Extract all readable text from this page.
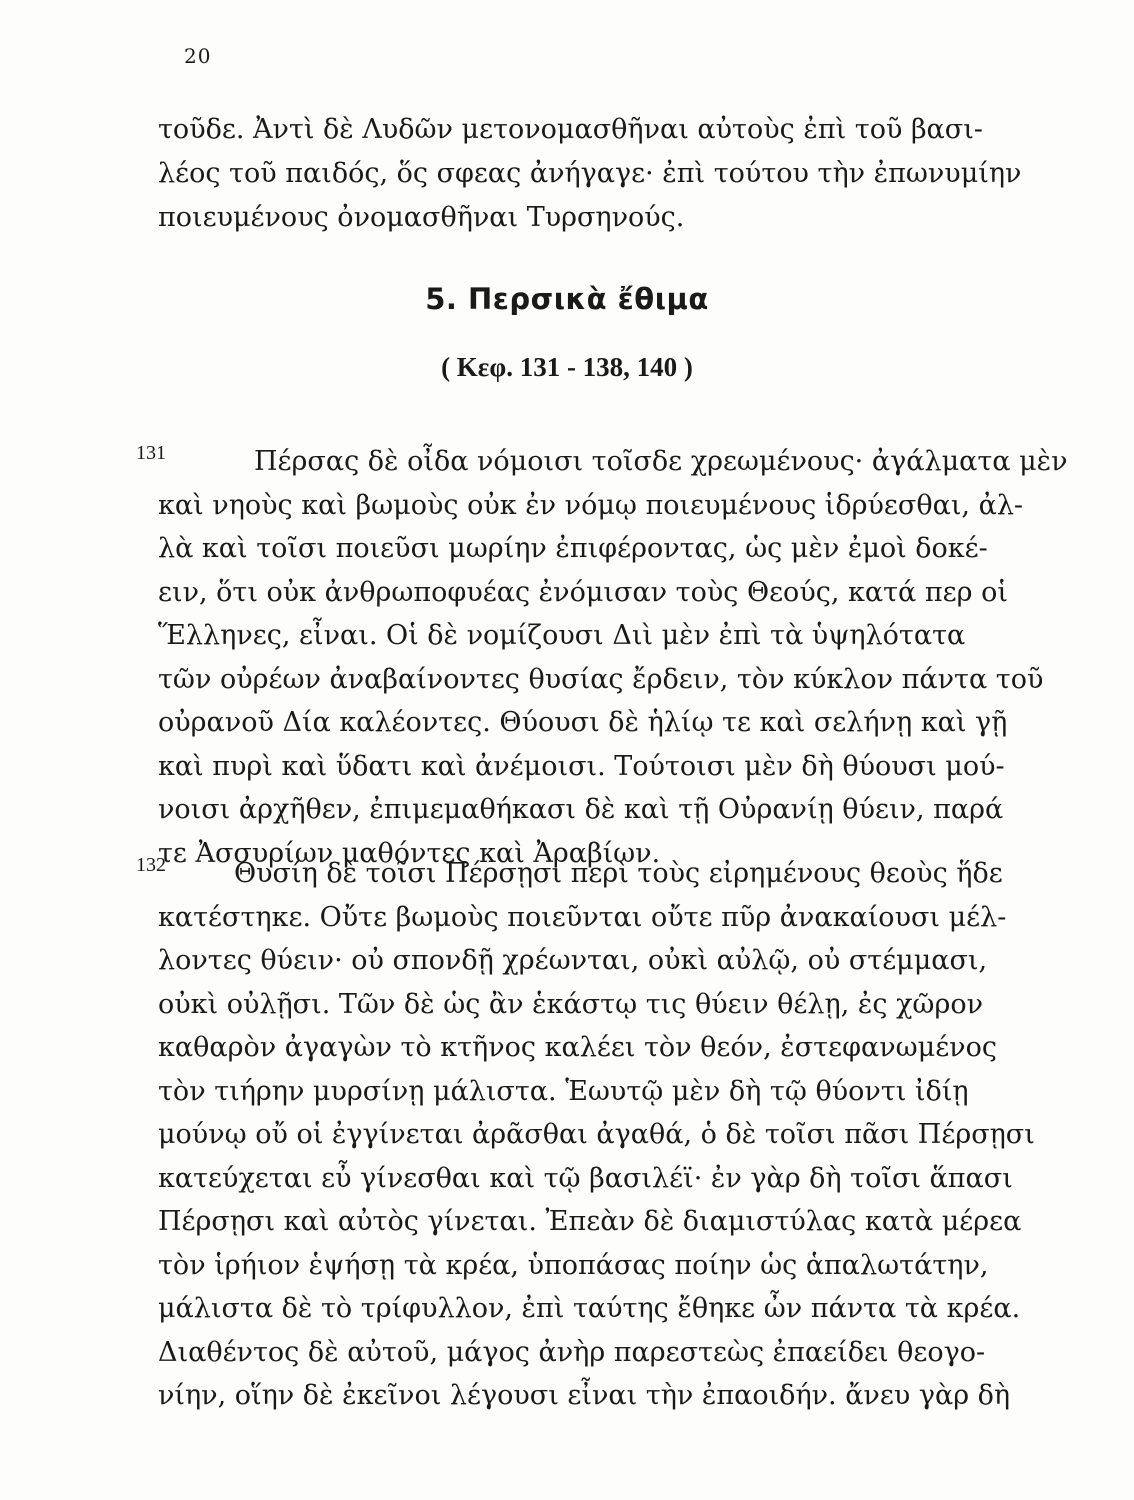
20
τοῦδε. Ἀντὶ δὲ Λυδῶν μετονομασθῆναι αὐτοὺς ἐπὶ τοῦ βασι-
λέος τοῦ παιδός, ὅς σφεας ἀνήγαγε· ἐπὶ τούτου τὴν ἐπωνυμίην
ποιευμένους ὀνομασθῆναι Τυρσηνούς.
5. Περσικὰ ἔθιμα
( Κεφ. 131 - 138, 140 )
131	Πέρσας δὲ οἶδα νόμοισι τοῖσδε χρεωμένους· ἀγάλματα μὲν
καὶ νηοὺς καὶ βωμοὺς οὐκ ἐν νόμῳ ποιευμένους ἱδρύεσθαι, ἀλ-
λὰ καὶ τοῖσι ποιεῦσι μωρίην ἐπιφέροντας, ὡς μὲν ἐμοὶ δοκέ-
ειν, ὅτι οὐκ ἀνθρωποφυέας ἐνόμισαν τοὺς Θεούς, κατά περ οἱ
Ἕλληνες, εἶναι. Οἱ δὲ νομίζουσι Διὶ μὲν ἐπὶ τὰ ὑψηλότατα
τῶν οὐρέων ἀναβαίνοντες θυσίας ἔρδειν, τὸν κύκλον πάντα τοῦ
οὐρανοῦ Δία καλέοντες. Θύουσι δὲ ἡλίῳ τε καὶ σελήνῃ καὶ γῇ
καὶ πυρὶ καὶ ὕδατι καὶ ἀνέμοισι. Τούτοισι μὲν δὴ θύουσι μού-
νοισι ἀρχῆθεν, ἐπιμεμαθήκασι δὲ καὶ τῇ Οὐρανίῃ θύειν, παρά
τε Ἀσσυρίων μαθόντες καὶ Ἀραβίων.
132	Θυσίη δὲ τοῖσι Πέρσῃσι περὶ τοὺς εἰρημένους θεοὺς ἥδε
κατέστηκε. Οὔτε βωμοὺς ποιεῦνται οὔτε πῦρ ἀνακαίουσι μέλ-
λοντες θύειν· οὐ σπονδῇ χρέωνται, οὐκὶ αὐλῷ, οὐ στέμμασι,
οὐκὶ οὐλῇσι. Τῶν δὲ ὡς ἂν ἑκάστῳ τις θύειν θέλῃ, ἐς χῶρον
καθαρὸν ἀγαγὼν τὸ κτῆνος καλέει τὸν θεόν, ἐστεφανωμένος
τὸν τιήρην μυρσίνῃ μάλιστα. Ἑωυτῷ μὲν δὴ τῷ θύοντι ἰδίῃ
μούνῳ οὔ οἱ ἐγγίνεται ἀρᾶσθαι ἀγαθά, ὁ δὲ τοῖσι πᾶσι Πέρσῃσι
κατεύχεται εὖ γίνεσθαι καὶ τῷ βασιλέϊ· ἐν γὰρ δὴ τοῖσι ἅπασι
Πέρσῃσι καὶ αὐτὸς γίνεται. Ἐπεὰν δὲ διαμιστύλας κατὰ μέρεα
τὸν ἱρήιον ἑψήσῃ τὰ κρέα, ὑποπάσας ποίην ὡς ἁπαλωτάτην,
μάλιστα δὲ τὸ τρίφυλλον, ἐπὶ ταύτης ἔθηκε ὦν πάντα τὰ κρέα.
Διαθέντος δὲ αὐτοῦ, μάγος ἀνὴρ παρεστεὼς ἐπαείδει θεογο-
νίην, οἵην δὲ ἐκεῖνοι λέγουσι εἶναι τὴν ἐπαοιδήν. ἄνευ γὰρ δὴ
